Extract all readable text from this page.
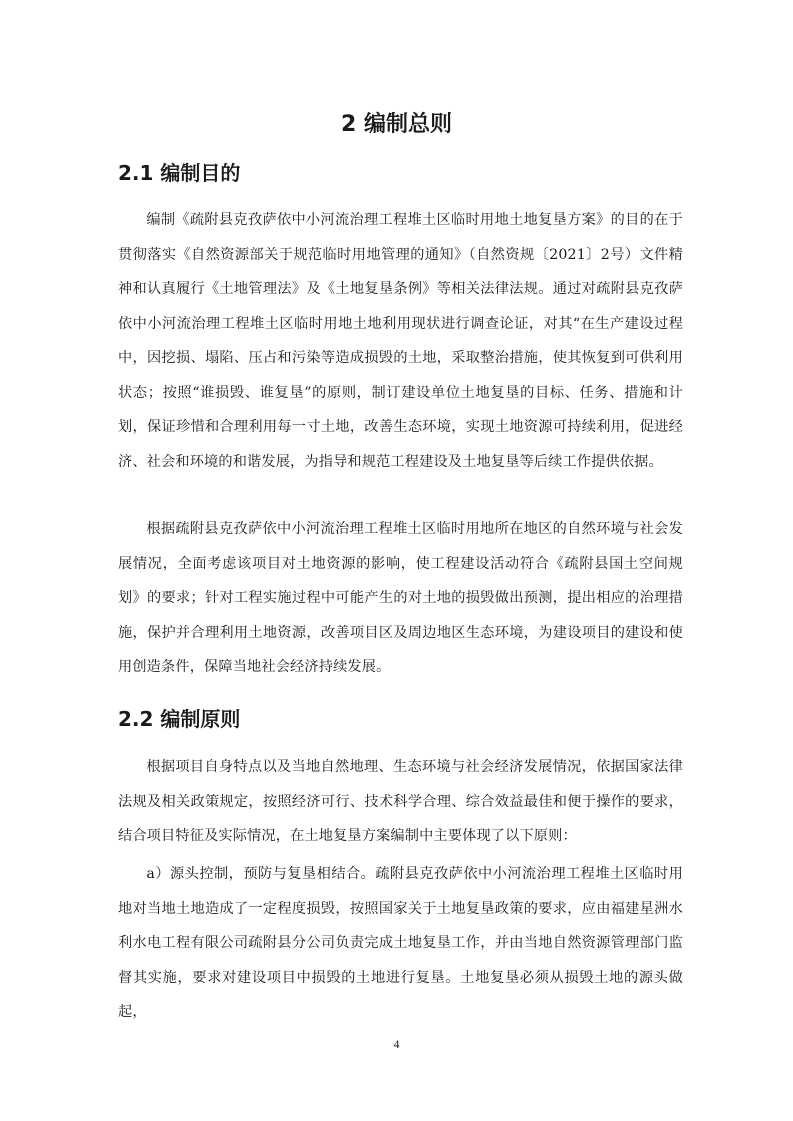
2 编制总则
2.1 编制目的

编制《疏附县克孜萨依中小河流治理工程堆土区临时用地土地复垦方案》的目的在于贯彻落实《自然资源部关于规范临时用地管理的通知》（自然资规〔2021〕2号）文件精神和认真履行《土地管理法》及《土地复垦条例》等相关法律法规。通过对疏附县克孜萨依中小河流治理工程堆土区临时用地土地利用现状进行调查论证，对其“在生产建设过程中，因挖损、塌陷、压占和污染等造成损毁的土地，采取整治措施，使其恢复到可供利用状态；按照“谁损毁、谁复垦”的原则，制订建设单位土地复垦的目标、任务、措施和计划，保证珍惜和合理利用每一寸土地，改善生态环境，实现土地资源可持续利用，促进经济、社会和环境的和谐发展，为指导和规范工程建设及土地复垦等后续工作提供依据。

根据疏附县克孜萨依中小河流治理工程堆土区临时用地所在地区的自然环境与社会发展情况，全面考虑该项目对土地资源的影响，使工程建设活动符合《疏附县国土空间规划》的要求；针对工程实施过程中可能产生的对土地的损毁做出预测，提出相应的治理措施，保护并合理利用土地资源，改善项目区及周边地区生态环境，为建设项目的建设和使用创造条件，保障当地社会经济持续发展。

2.2 编制原则

根据项目自身特点以及当地自然地理、生态环境与社会经济发展情况，依据国家法律法规及相关政策规定，按照经济可行、技术科学合理、综合效益最佳和便于操作的要求，结合项目特征及实际情况，在土地复垦方案编制中主要体现了以下原则：

a）源头控制，预防与复垦相结合。疏附县克孜萨依中小河流治理工程堆土区临时用地对当地土地造成了一定程度损毁，按照国家关于土地复垦政策的要求，应由福建星洲水利水电工程有限公司疏附县分公司负责完成土地复垦工作，并由当地自然资源管理部门监督其实施，要求对建设项目中损毁的土地进行复垦。土地复垦必须从损毁土地的源头做起，

4
